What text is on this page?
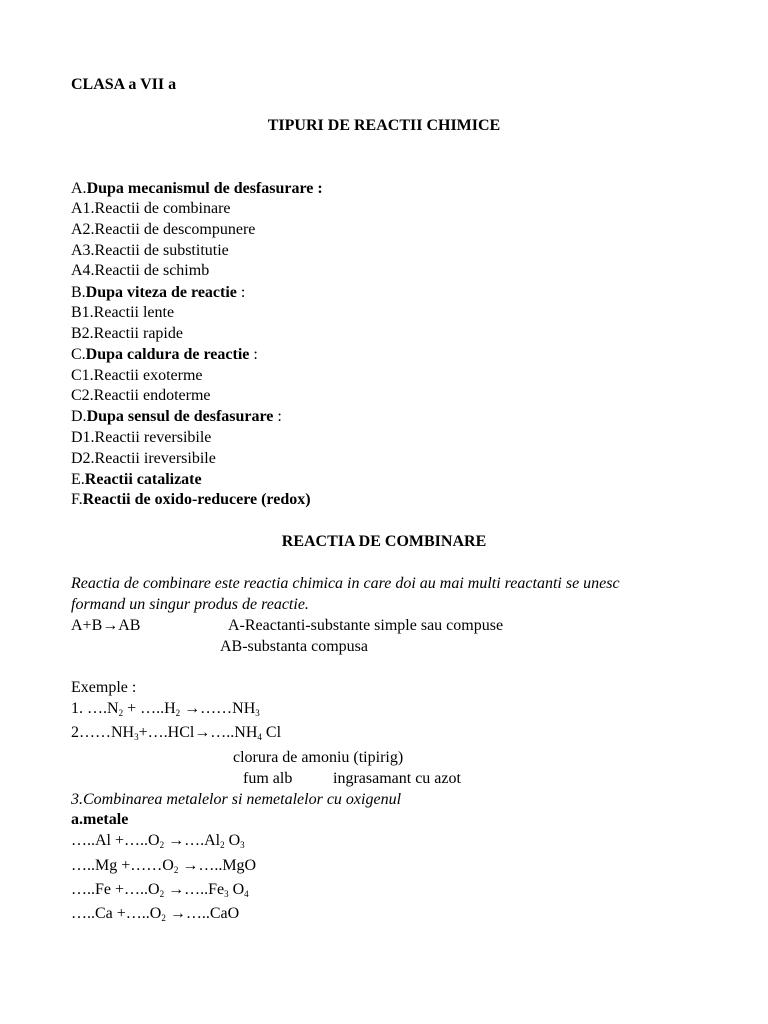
CLASA a VII a
TIPURI DE REACTII CHIMICE
A.Dupa mecanismul de desfasurare :
A1.Reactii de combinare
A2.Reactii de descompunere
A3.Reactii de substitutie
A4.Reactii de schimb
B.Dupa viteza de reactie :
B1.Reactii lente
B2.Reactii rapide
C.Dupa caldura de reactie :
C1.Reactii exoterme
C2.Reactii endoterme
D.Dupa sensul de desfasurare :
D1.Reactii reversibile
D2.Reactii ireversibile
E.Reactii catalizate
F.Reactii de oxido-reducere (redox)
REACTIA DE COMBINARE
Reactia de combinare este reactia chimica in care doi au mai multi reactanti se unesc
formand un singur produs de reactie.
A+B→AB	A-Reactanti-substante simple sau compuse
AB-substanta compusa
Exemple :
1. $\dots.N_2$ + $\dots..H_2$ $\to\dots\dots NH_3$
$2\dots\dots NH_3+\dots.HCl\to\dots..NH_4$ Cl
clorura de amoniu (tipirig)
fum alb	ingrasamant cu azot
3.Combinarea metalelor si nemetalelor cu oxigenul
a.metale
…..Al $+\dots..O_2$ $\to\dots.Al_2$ $O_3$
…..Mg $+\dots\dots O_2$ →…..MgO
…..Fe $+\dots..O_2$ $\to\dots..Fe_3$ $O_4$
…..Ca $+\dots..O_2$ →…..CaO
